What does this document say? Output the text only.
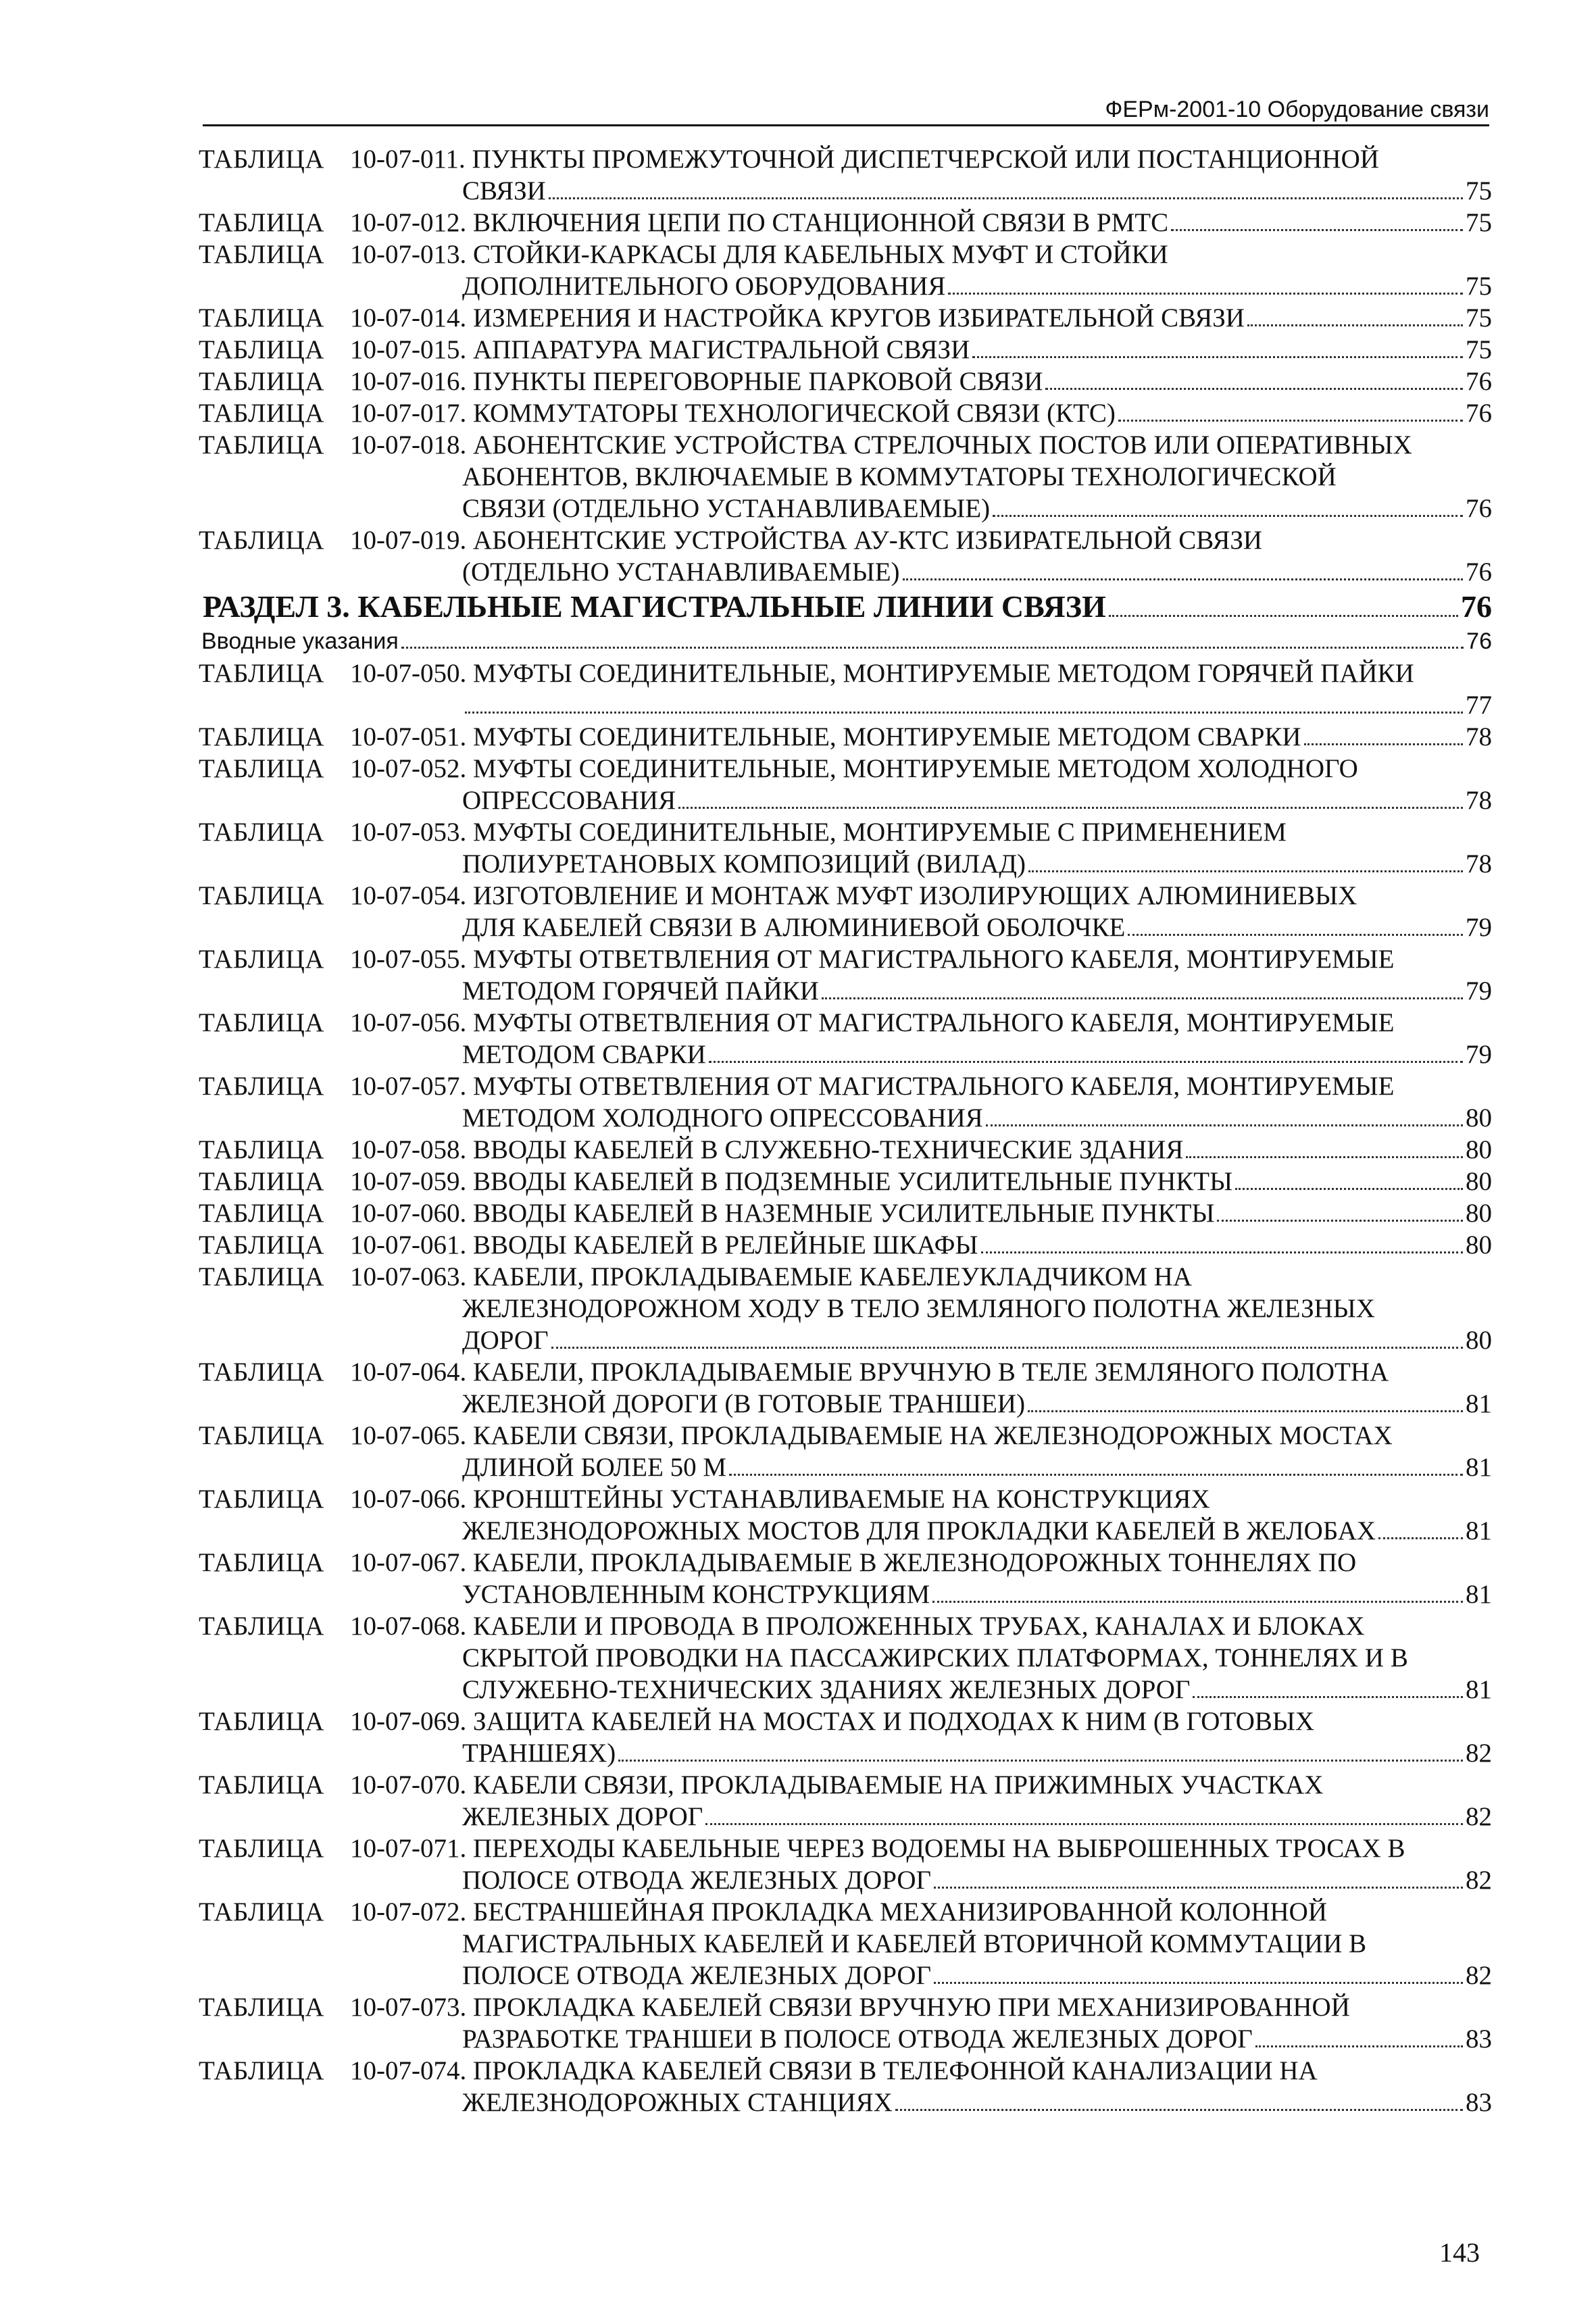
ФЕРм-2001-10 Оборудование связи
ТАБЛИЦА 10-07-011. ПУНКТЫ ПРОМЕЖУТОЧНОЙ ДИСПЕТЧЕРСКОЙ ИЛИ ПОСТАНЦИОННОЙ
СВЯЗИ	75
ТАБЛИЦА 10-07-012. ВКЛЮЧЕНИЯ ЦЕПИ ПО СТАНЦИОННОЙ СВЯЗИ В РМТС	75
ТАБЛИЦА 10-07-013. СТОЙКИ-КАРКАСЫ ДЛЯ КАБЕЛЬНЫХ МУФТ И СТОЙКИ
ДОПОЛНИТЕЛЬНОГО ОБОРУДОВАНИЯ	75
ТАБЛИЦА 10-07-014. ИЗМЕРЕНИЯ И НАСТРОЙКА КРУГОВ ИЗБИРАТЕЛЬНОЙ СВЯЗИ	75
ТАБЛИЦА 10-07-015. АППАРАТУРА МАГИСТРАЛЬНОЙ СВЯЗИ	75
ТАБЛИЦА 10-07-016. ПУНКТЫ ПЕРЕГОВОРНЫЕ ПАРКОВОЙ СВЯЗИ	76
ТАБЛИЦА 10-07-017. КОММУТАТОРЫ ТЕХНОЛОГИЧЕСКОЙ СВЯЗИ (КТС)	76
ТАБЛИЦА 10-07-018. АБОНЕНТСКИЕ УСТРОЙСТВА СТРЕЛОЧНЫХ ПОСТОВ ИЛИ ОПЕРАТИВНЫХ
АБОНЕНТОВ, ВКЛЮЧАЕМЫЕ В КОММУТАТОРЫ ТЕХНОЛОГИЧЕСКОЙ
СВЯЗИ (ОТДЕЛЬНО УСТАНАВЛИВАЕМЫЕ)	76
ТАБЛИЦА 10-07-019. АБОНЕНТСКИЕ УСТРОЙСТВА АУ-КТС ИЗБИРАТЕЛЬНОЙ СВЯЗИ
(ОТДЕЛЬНО УСТАНАВЛИВАЕМЫЕ)	76
РАЗДЕЛ 3. КАБЕЛЬНЫЕ МАГИСТРАЛЬНЫЕ ЛИНИИ СВЯЗИ	76
Вводные указания	76
ТАБЛИЦА 10-07-050. МУФТЫ СОЕДИНИТЕЛЬНЫЕ, МОНТИРУЕМЫЕ МЕТОДОМ ГОРЯЧЕЙ ПАЙКИ
77
ТАБЛИЦА 10-07-051. МУФТЫ СОЕДИНИТЕЛЬНЫЕ, МОНТИРУЕМЫЕ МЕТОДОМ СВАРКИ	78
ТАБЛИЦА 10-07-052. МУФТЫ СОЕДИНИТЕЛЬНЫЕ, МОНТИРУЕМЫЕ МЕТОДОМ ХОЛОДНОГО
ОПРЕССОВАНИЯ	78
ТАБЛИЦА 10-07-053. МУФТЫ СОЕДИНИТЕЛЬНЫЕ, МОНТИРУЕМЫЕ С ПРИМЕНЕНИЕМ
ПОЛИУРЕТАНОВЫХ КОМПОЗИЦИЙ (ВИЛАД)	78
ТАБЛИЦА 10-07-054. ИЗГОТОВЛЕНИЕ И МОНТАЖ МУФТ ИЗОЛИРУЮЩИХ АЛЮМИНИЕВЫХ
ДЛЯ КАБЕЛЕЙ СВЯЗИ В АЛЮМИНИЕВОЙ ОБОЛОЧКЕ	79
ТАБЛИЦА 10-07-055. МУФТЫ ОТВЕТВЛЕНИЯ ОТ МАГИСТРАЛЬНОГО КАБЕЛЯ, МОНТИРУЕМЫЕ
МЕТОДОМ ГОРЯЧЕЙ ПАЙКИ	79
ТАБЛИЦА 10-07-056. МУФТЫ ОТВЕТВЛЕНИЯ ОТ МАГИСТРАЛЬНОГО КАБЕЛЯ, МОНТИРУЕМЫЕ
МЕТОДОМ СВАРКИ	79
ТАБЛИЦА 10-07-057. МУФТЫ ОТВЕТВЛЕНИЯ ОТ МАГИСТРАЛЬНОГО КАБЕЛЯ, МОНТИРУЕМЫЕ
МЕТОДОМ ХОЛОДНОГО ОПРЕССОВАНИЯ	80
ТАБЛИЦА 10-07-058. ВВОДЫ КАБЕЛЕЙ В СЛУЖЕБНО-ТЕХНИЧЕСКИЕ ЗДАНИЯ	80
ТАБЛИЦА 10-07-059. ВВОДЫ КАБЕЛЕЙ В ПОДЗЕМНЫЕ УСИЛИТЕЛЬНЫЕ ПУНКТЫ	80
ТАБЛИЦА 10-07-060. ВВОДЫ КАБЕЛЕЙ В НАЗЕМНЫЕ УСИЛИТЕЛЬНЫЕ ПУНКТЫ	80
ТАБЛИЦА 10-07-061. ВВОДЫ КАБЕЛЕЙ В РЕЛЕЙНЫЕ ШКАФЫ	80
ТАБЛИЦА 10-07-063. КАБЕЛИ, ПРОКЛАДЫВАЕМЫЕ КАБЕЛЕУКЛАДЧИКОМ НА
ЖЕЛЕЗНОДОРОЖНОМ ХОДУ В ТЕЛО ЗЕМЛЯНОГО ПОЛОТНА ЖЕЛЕЗНЫХ
ДОРОГ	80
ТАБЛИЦА 10-07-064. КАБЕЛИ, ПРОКЛАДЫВАЕМЫЕ ВРУЧНУЮ В ТЕЛЕ ЗЕМЛЯНОГО ПОЛОТНА
ЖЕЛЕЗНОЙ ДОРОГИ (В ГОТОВЫЕ ТРАНШЕИ)	81
ТАБЛИЦА 10-07-065. КАБЕЛИ СВЯЗИ, ПРОКЛАДЫВАЕМЫЕ НА ЖЕЛЕЗНОДОРОЖНЫХ МОСТАХ
ДЛИНОЙ БОЛЕЕ 50 М	81
ТАБЛИЦА 10-07-066. КРОНШТЕЙНЫ УСТАНАВЛИВАЕМЫЕ НА КОНСТРУКЦИЯХ
ЖЕЛЕЗНОДОРОЖНЫХ МОСТОВ ДЛЯ ПРОКЛАДКИ КАБЕЛЕЙ В ЖЕЛОБАХ	81
ТАБЛИЦА 10-07-067. КАБЕЛИ, ПРОКЛАДЫВАЕМЫЕ В ЖЕЛЕЗНОДОРОЖНЫХ ТОННЕЛЯХ ПО
УСТАНОВЛЕННЫМ КОНСТРУКЦИЯМ	81
ТАБЛИЦА 10-07-068. КАБЕЛИ И ПРОВОДА В ПРОЛОЖЕННЫХ ТРУБАХ, КАНАЛАХ И БЛОКАХ
СКРЫТОЙ ПРОВОДКИ НА ПАССАЖИРСКИХ ПЛАТФОРМАХ, ТОННЕЛЯХ И В
СЛУЖЕБНО-ТЕХНИЧЕСКИХ ЗДАНИЯХ ЖЕЛЕЗНЫХ ДОРОГ	81
ТАБЛИЦА 10-07-069. ЗАЩИТА КАБЕЛЕЙ НА МОСТАХ И ПОДХОДАХ К НИМ (В ГОТОВЫХ
ТРАНШЕЯХ)	82
ТАБЛИЦА 10-07-070. КАБЕЛИ СВЯЗИ, ПРОКЛАДЫВАЕМЫЕ НА ПРИЖИМНЫХ УЧАСТКАХ
ЖЕЛЕЗНЫХ ДОРОГ	82
ТАБЛИЦА 10-07-071. ПЕРЕХОДЫ КАБЕЛЬНЫЕ ЧЕРЕЗ ВОДОЕМЫ НА ВЫБРОШЕННЫХ ТРОСАХ В
ПОЛОСЕ ОТВОДА ЖЕЛЕЗНЫХ ДОРОГ	82
ТАБЛИЦА 10-07-072. БЕСТРАНШЕЙНАЯ ПРОКЛАДКА МЕХАНИЗИРОВАННОЙ КОЛОННОЙ
МАГИСТРАЛЬНЫХ КАБЕЛЕЙ И КАБЕЛЕЙ ВТОРИЧНОЙ КОММУТАЦИИ В
ПОЛОСЕ ОТВОДА ЖЕЛЕЗНЫХ ДОРОГ	82
ТАБЛИЦА 10-07-073. ПРОКЛАДКА КАБЕЛЕЙ СВЯЗИ ВРУЧНУЮ ПРИ МЕХАНИЗИРОВАННОЙ
РАЗРАБОТКЕ ТРАНШЕИ В ПОЛОСЕ ОТВОДА ЖЕЛЕЗНЫХ ДОРОГ	83
ТАБЛИЦА 10-07-074. ПРОКЛАДКА КАБЕЛЕЙ СВЯЗИ В ТЕЛЕФОННОЙ КАНАЛИЗАЦИИ НА
ЖЕЛЕЗНОДОРОЖНЫХ СТАНЦИЯХ	83
143
